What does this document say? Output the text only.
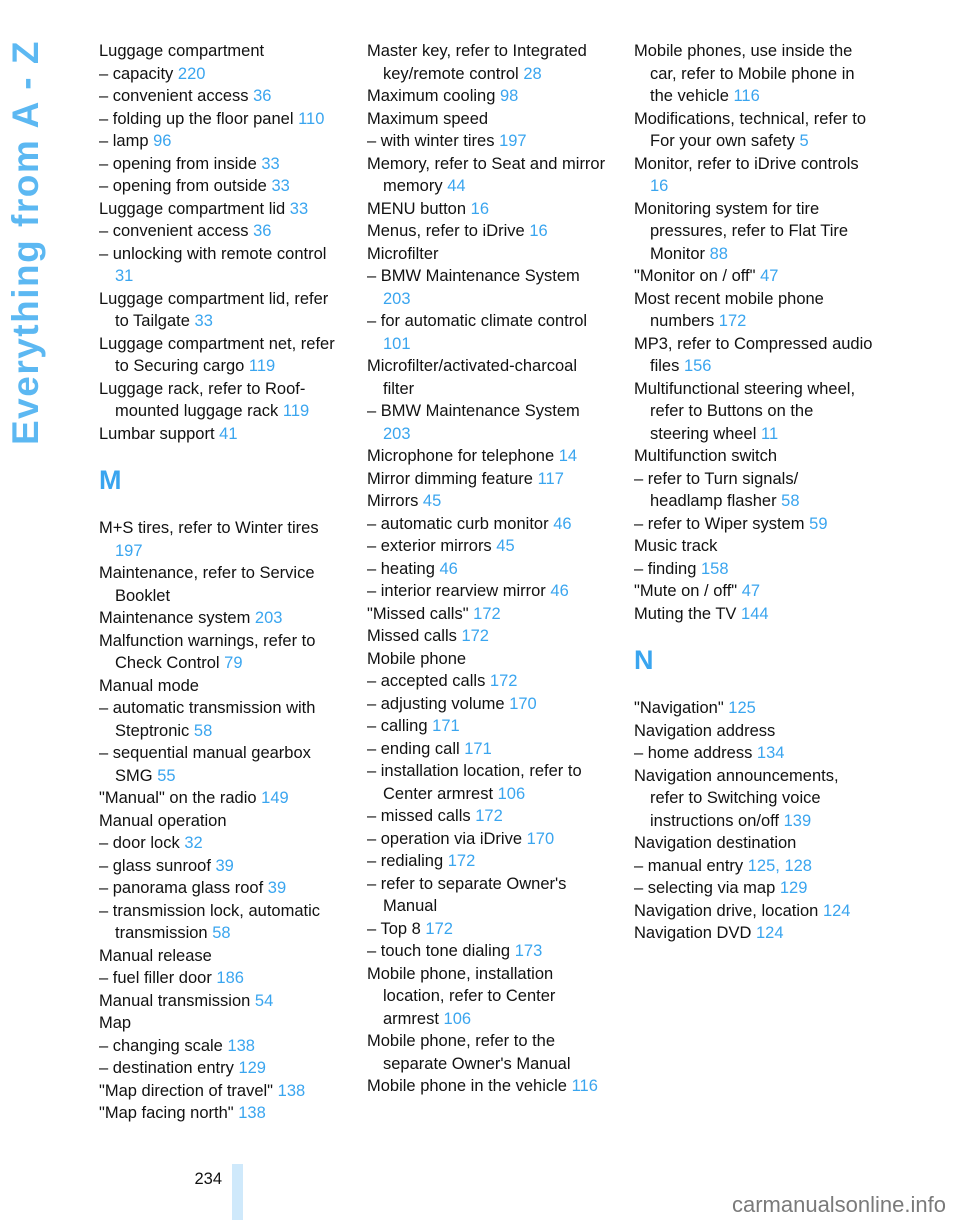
Everything from A - Z	Luggage compartment
– capacity 220
– convenient access 36
– folding up the floor panel 110
– lamp 96
– opening from inside 33
– opening from outside 33
Luggage compartment lid 33
– convenient access 36
– unlocking with remote control 31
Luggage compartment lid, refer to Tailgate 33
Luggage compartment net, refer to Securing cargo 119
Luggage rack, refer to Roof-mounted luggage rack 119
Lumbar support 41
M
M+S tires, refer to Winter tires 197
Maintenance, refer to Service Booklet
Maintenance system 203
Malfunction warnings, refer to Check Control 79
Manual mode
– automatic transmission with Steptronic 58
– sequential manual gearbox SMG 55
"Manual" on the radio 149
Manual operation
– door lock 32
– glass sunroof 39
– panorama glass roof 39
– transmission lock, automatic transmission 58
Manual release
– fuel filler door 186
Manual transmission 54
Map
– changing scale 138
– destination entry 129
"Map direction of travel" 138
"Map facing north" 138
Master key, refer to Integrated key/remote control 28
Maximum cooling 98
Maximum speed
– with winter tires 197
Memory, refer to Seat and mirror memory 44
MENU button 16
Menus, refer to iDrive 16
Microfilter
– BMW Maintenance System 203
– for automatic climate control 101
Microfilter/activated-charcoal filter
– BMW Maintenance System 203
Microphone for telephone 14
Mirror dimming feature 117
Mirrors 45
– automatic curb monitor 46
– exterior mirrors 45
– heating 46
– interior rearview mirror 46
"Missed calls" 172
Missed calls 172
Mobile phone
– accepted calls 172
– adjusting volume 170
– calling 171
– ending call 171
– installation location, refer to Center armrest 106
– missed calls 172
– operation via iDrive 170
– redialing 172
– refer to separate Owner's Manual
– Top 8 172
– touch tone dialing 173
Mobile phone, installation location, refer to Center armrest 106
Mobile phone, refer to the separate Owner's Manual
Mobile phone in the vehicle 116
Mobile phones, use inside the car, refer to Mobile phone in the vehicle 116
Modifications, technical, refer to For your own safety 5
Monitor, refer to iDrive controls 16
Monitoring system for tire pressures, refer to Flat Tire Monitor 88
"Monitor on / off" 47
Most recent mobile phone numbers 172
MP3, refer to Compressed audio files 156
Multifunctional steering wheel, refer to Buttons on the steering wheel 11
Multifunction switch
– refer to Turn signals/ headlamp flasher 58
– refer to Wiper system 59
Music track
– finding 158
"Mute on / off" 47
Muting the TV 144
N
"Navigation" 125
Navigation address
– home address 134
Navigation announcements, refer to Switching voice instructions on/off 139
Navigation destination
– manual entry 125, 128
– selecting via map 129
Navigation drive, location 124
Navigation DVD 124
234
carmanualsonline.info
